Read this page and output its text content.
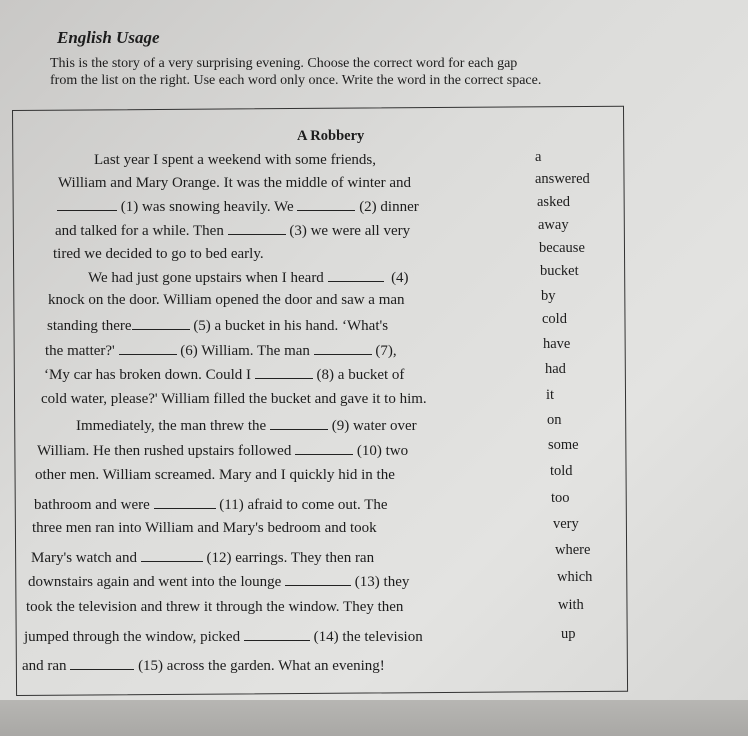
English Usage
This is the story of a very surprising evening. Choose the correct word for each gap
from the list on the right. Use each word only once. Write the word in the correct space.
A Robbery
Last year I spent a weekend with some friends,
William and Mary Orange. It was the middle of winter and
(1) was snowing heavily. We	(2) dinner
and talked for a while. Then	(3) we were all very
tired we decided to go to bed early.
We had just gone upstairs when I heard	(4)
knock on the door. William opened the door and saw a man
standing there	(5) a bucket in his hand. ‘What's
the matter?'	(6) William. The man	(7),
‘My car has broken down. Could I	(8) a bucket of
cold water, please?' William filled the bucket and gave it to him.
Immediately, the man threw the	(9) water over
William. He then rushed upstairs followed	(10) two
other men. William screamed. Mary and I quickly hid in the
bathroom and were	(11) afraid to come out. The
three men ran into William and Mary's bedroom and took
Mary's watch and	(12) earrings. They then ran
downstairs again and went into the lounge	(13) they
took the television and threw it through the window. They then
jumped through the window, picked	(14) the television
and ran	(15) across the garden. What an evening!
a
answered
asked
away
because
bucket
by
cold
have
had
it
on
some
told
too
very
where
which
with
up
